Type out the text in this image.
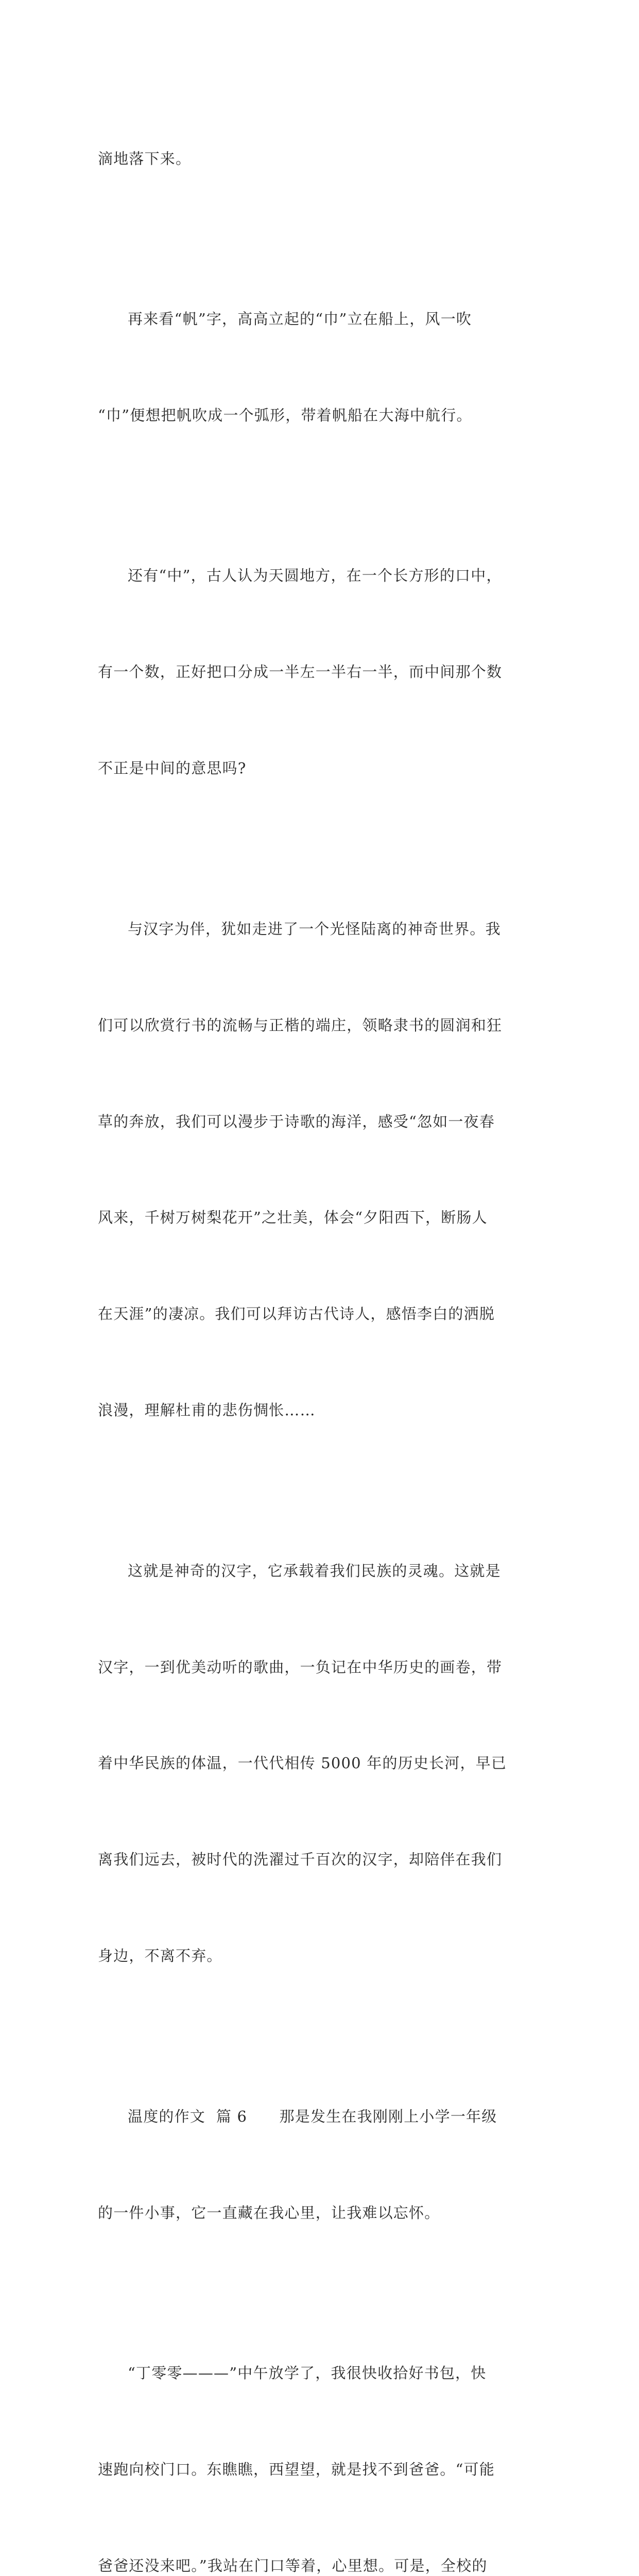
滴地落下来。

再来看“帆”字，高高立起的“巾”立在船上，风一吹

“巾”便想把帆吹成一个弧形，带着帆船在大海中航行。

还有“中”，古人认为天圆地方，在一个长方形的口中，

有一个数，正好把口分成一半左一半右一半，而中间那个数

不正是中间的意思吗?

与汉字为伴，犹如走进了一个光怪陆离的神奇世界。我

们可以欣赏行书的流畅与正楷的端庄，领略隶书的圆润和狂

草的奔放，我们可以漫步于诗歌的海洋，感受“忽如一夜春

风来，千树万树梨花开”之壮美，体会“夕阳西下，断肠人

在天涯”的凄凉。我们可以拜访古代诗人，感悟李白的洒脱

浪漫，理解杜甫的悲伤惆怅……

这就是神奇的汉字，它承载着我们民族的灵魂。这就是

汉字，一到优美动听的歌曲，一负记在中华历史的画卷，带

着中华民族的体温，一代代相传 5000 年的历史长河，早已

离我们远去，被时代的洗濯过千百次的汉字，却陪伴在我们

身边，不离不弃。

温度的作文  篇 6      那是发生在我刚刚上小学一年级

的一件小事，它一直藏在我心里，让我难以忘怀。

“丁零零———”中午放学了，我很快收拾好书包，快

速跑向校门口。东瞧瞧，西望望，就是找不到爸爸。“可能

爸爸还没来吧。”我站在门口等着，心里想。可是，全校的
